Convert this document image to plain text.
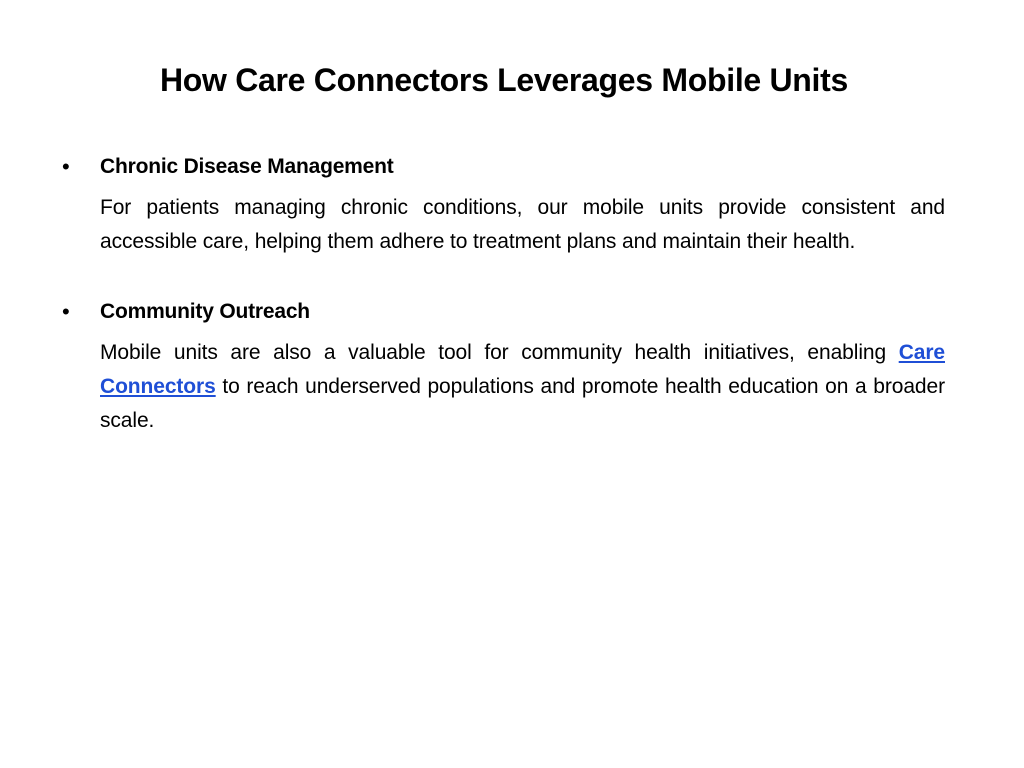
How Care Connectors Leverages Mobile Units
• Chronic Disease Management
For patients managing chronic conditions, our mobile units provide consistent and accessible care, helping them adhere to treatment plans and maintain their health.
• Community Outreach
Mobile units are also a valuable tool for community health initiatives, enabling Care Connectors to reach underserved populations and promote health education on a broader scale.
